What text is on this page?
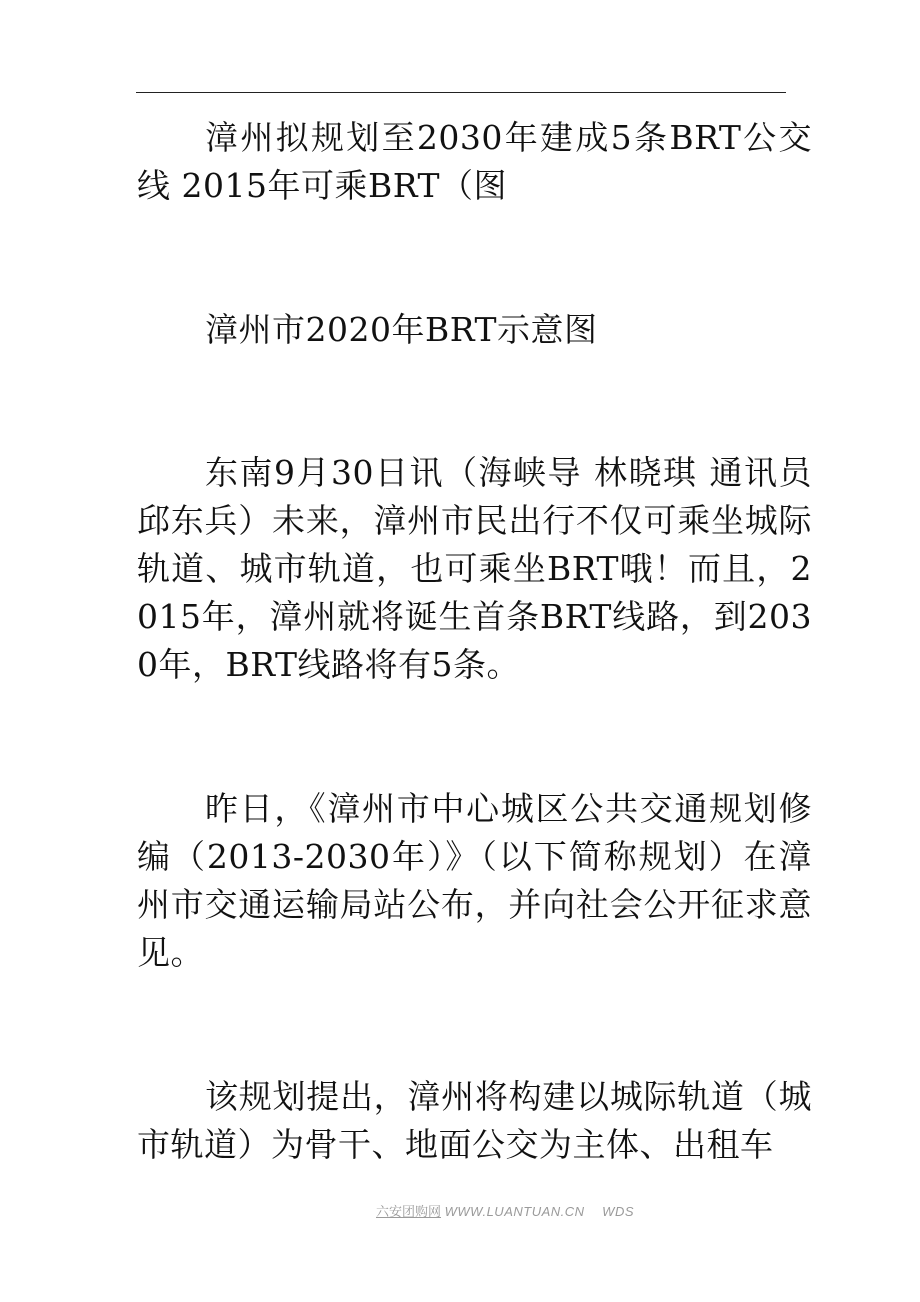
漳州拟规划至2030年建成5条BRT公交线 2015年可乘BRT（图

漳州市2020年BRT示意图

东南9月30日讯（海峡导 林晓琪 通讯员 邱东兵）未来，漳州市民出行不仅可乘坐城际轨道、城市轨道，也可乘坐BRT哦！而且，2015年，漳州就将诞生首条BRT线路，到2030年，BRT线路将有5条。

昨日，《漳州市中心城区公共交通规划修编（2013-2030年）》（以下简称规划）在漳州市交通运输局站公布，并向社会公开征求意见。

该规划提出，漳州将构建以城际轨道（城市轨道）为骨干、地面公交为主体、出租车

六安团购网 WWW.LUANTUAN.CN WDS
